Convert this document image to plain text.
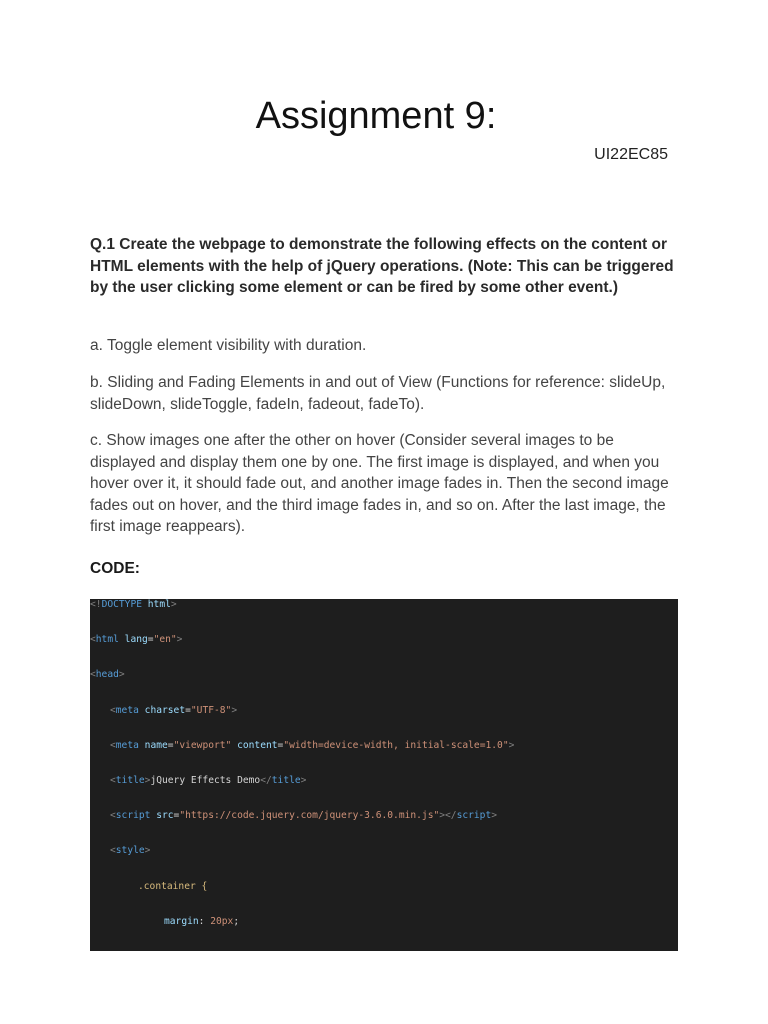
Assignment 9:
UI22EC85

Q.1 Create the webpage to demonstrate the following effects on the content or HTML elements with the help of jQuery operations. (Note: This can be triggered by the user clicking some element or can be fired by some other event.)

a. Toggle element visibility with duration.

b. Sliding and Fading Elements in and out of View (Functions for reference: slideUp, slideDown, slideToggle, fadeIn, fadeout, fadeTo).

c. Show images one after the other on hover (Consider several images to be displayed and display them one by one. The first image is displayed, and when you hover over it, it should fade out, and another image fades in. Then the second image fades out on hover, and the third image fades in, and so on. After the last image, the first image reappears).

CODE:
<!DOCTYPE html>
<html lang="en">
<head>
<meta charset="UTF-8">
<meta name="viewport" content="width=device-width, initial-scale=1.0">
<title>jQuery Effects Demo</title>
<script src="https://code.jquery.com/jquery-3.6.0.min.js"></script>
<style>
.container {
margin: 20px;
